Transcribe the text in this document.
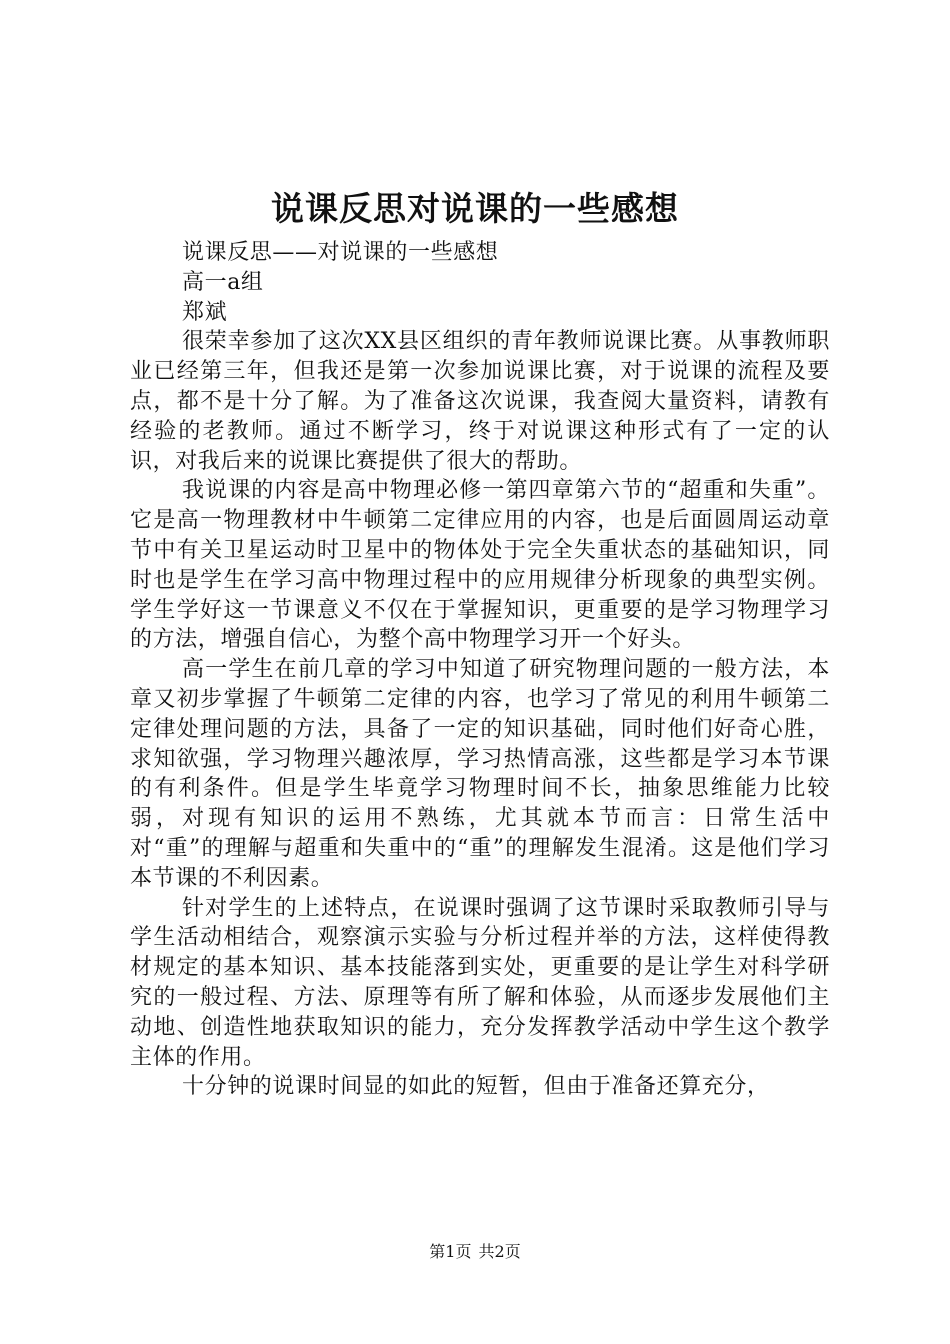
说课反思对说课的一些感想

说课反思——对说课的一些感想

高一a组

郑斌

很荣幸参加了这次XX县区组织的青年教师说课比赛。从事教师职业已经第三年，但我还是第一次参加说课比赛，对于说课的流程及要点，都不是十分了解。为了准备这次说课，我查阅大量资料，请教有经验的老教师。通过不断学习，终于对说课这种形式有了一定的认识，对我后来的说课比赛提供了很大的帮助。

我说课的内容是高中物理必修一第四章第六节的“超重和失重”。它是高一物理教材中牛顿第二定律应用的内容，也是后面圆周运动章节中有关卫星运动时卫星中的物体处于完全失重状态的基础知识，同时也是学生在学习高中物理过程中的应用规律分析现象的典型实例。学生学好这一节课意义不仅在于掌握知识，更重要的是学习物理学习的方法，增强自信心，为整个高中物理学习开一个好头。

高一学生在前几章的学习中知道了研究物理问题的一般方法，本章又初步掌握了牛顿第二定律的内容，也学习了常见的利用牛顿第二定律处理问题的方法，具备了一定的知识基础，同时他们好奇心胜，求知欲强，学习物理兴趣浓厚，学习热情高涨，这些都是学习本节课的有利条件。但是学生毕竟学习物理时间不长，抽象思维能力比较弱，对现有知识的运用不熟练，尤其就本节而言：日常生活中对“重”的理解与超重和失重中的“重”的理解发生混淆。这是他们学习本节课的不利因素。

针对学生的上述特点，在说课时强调了这节课时采取教师引导与学生活动相结合，观察演示实验与分析过程并举的方法，这样使得教材规定的基本知识、基本技能落到实处，更重要的是让学生对科学研究的一般过程、方法、原理等有所了解和体验，从而逐步发展他们主动地、创造性地获取知识的能力，充分发挥教学活动中学生这个教学主体的作用。

十分钟的说课时间显的如此的短暂，但由于准备还算充分，

第1页 共2页
